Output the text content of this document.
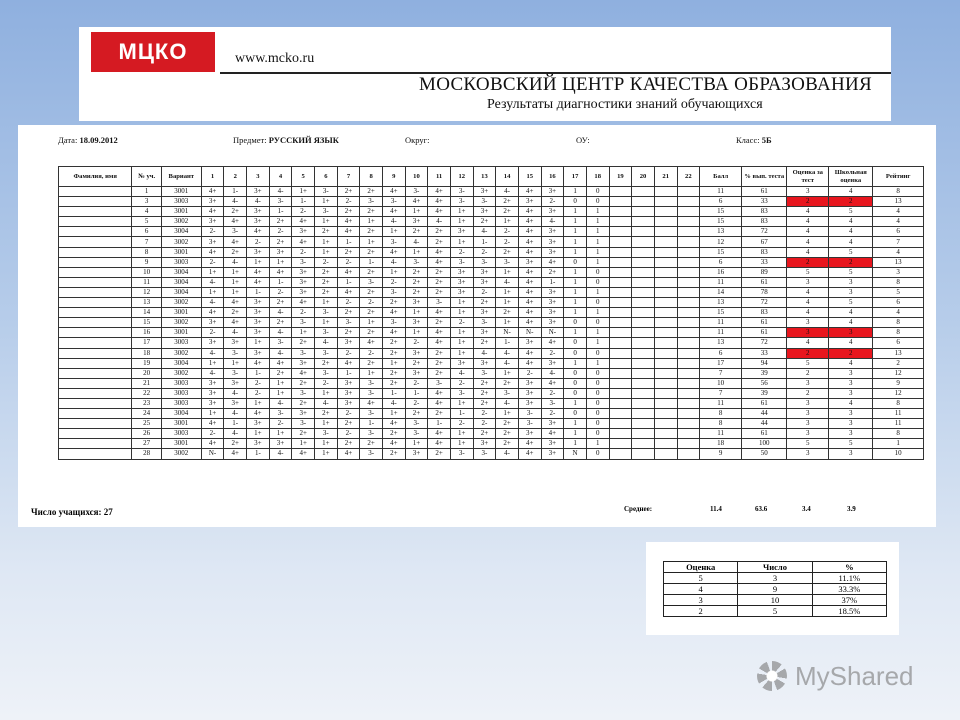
МЦКО	www.mcko.ru
МОСКОВСКИЙ ЦЕНТР КАЧЕСТВА ОБРАЗОВАНИЯ
Результаты диагностики знаний обучающихся
Дата: 18.09.2012	Предмет: РУССКИЙ ЯЗЫК	Округ:	ОУ:	Класс: 5Б
Фамилия, имя	№ уч.	Вариант	1	2	3	4	5	6	7	8	9	10	11	12	13	14	15	16	17	18	19	20	21	22	Балл	% вып. теста	Оценка за тест	Школьная оценка	Рейтинг
	1	3001	4+	1-	3+	4-	1+	3-	2+	2+	4+	3-	4+	3-	3+	4-	4+	3+	1	0					11	61	3	4	8
	3	3003	3+	4-	4-	3-	1-	1+	2-	3-	3-	4+	4+	3-	3-	2+	3+	2-	0	0					6	33	2	2	13
	4	3001	4+	2+	3+	1-	2-	3-	2+	2+	4+	1+	4+	1+	3+	2+	4+	3+	1	1					15	83	4	5	4
	5	3002	3+	4+	3+	2+	4+	1+	4+	1+	4-	3+	4-	1+	2+	1+	4+	4-	1	1					15	83	4	4	4
	6	3004	2-	3-	4+	2-	3+	2+	4+	2+	1+	2+	2+	3+	4-	2-	4+	3+	1	1					13	72	4	4	6
	7	3002	3+	4+	2-	2+	4+	1+	1-	1+	3-	4-	2+	1+	1-	2-	4+	3+	1	1					12	67	4	4	7
	8	3001	4+	2+	3+	3+	2-	1+	2+	2+	4+	1+	4+	2-	2-	2+	4+	3+	1	1					15	83	4	5	4
	9	3003	2-	4-	1+	1+	3-	2-	2-	1-	4-	3-	4+	3-	3-	3-	3+	4+	0	1					6	33	2	2	13
	10	3004	1+	1+	4+	4+	3+	2+	4+	2+	1+	2+	2+	3+	3+	1+	4+	2+	1	0					16	89	5	5	3
	11	3004	4-	1+	4+	1-	3+	2+	1-	3-	2-	2+	2+	3+	3+	4-	4+	1-	1	0					11	61	3	3	8
	12	3004	1+	1+	1-	2-	3+	2+	4+	2+	3-	2+	2+	3+	2-	1+	4+	3+	1	1					14	78	4	3	5
	13	3002	4-	4+	3+	2+	4+	1+	2-	2-	2+	3+	3-	1+	2+	1+	4+	3+	1	0					13	72	4	5	6
	14	3001	4+	2+	3+	4-	2-	3-	2+	2+	4+	1+	4+	1+	3+	2+	4+	3+	1	1					15	83	4	4	4
	15	3002	3+	4+	3+	2+	3-	1+	3-	1+	3-	3+	2+	2-	3-	1+	4+	3+	0	0					11	61	3	4	8
	16	3001	2-	4-	3+	4-	1+	3-	2+	2+	4+	1+	4+	1+	3+	N-	N-	N-	1	1					11	61	3	3	8
	17	3003	3+	3+	1+	3-	2+	4-	3+	4+	2+	2-	4+	1+	2+	1-	3+	4+	0	1					13	72	4	4	6
	18	3002	4-	3-	3+	4-	3-	3-	2-	2-	2+	3+	2+	1+	4-	4-	4+	2-	0	0					6	33	2	2	13
	19	3004	1+	1+	4+	4+	3+	2+	4+	2+	1+	2+	2+	3+	3+	4-	4+	3+	1	1					17	94	5	4	2
	20	3002	4-	3-	1-	2+	4+	3-	1-	1+	2+	3+	2+	4-	3-	1+	2-	4-	0	0					7	39	2	3	12
	21	3003	3+	3+	2-	1+	2+	2-	3+	3-	2+	2-	3-	2-	2+	2+	3+	4+	0	0					10	56	3	3	9
	22	3003	3+	4-	2-	1+	3-	1+	3+	3-	1-	1-	4+	3-	2+	3-	3+	2-	0	0					7	39	2	3	12
	23	3003	3+	3+	1+	4-	2+	4-	3+	4+	4-	2-	4+	1+	2+	4-	3+	3-	1	0					11	61	3	4	8
	24	3004	1+	4-	4+	3-	3+	2+	2-	3-	1+	2+	2+	1-	2-	1+	3-	2-	0	0					8	44	3	3	11
	25	3001	4+	1-	3+	2-	3-	1+	2+	1-	4+	3-	1-	2-	2-	2+	3-	3+	1	0					8	44	3	3	11
	26	3003	2-	4-	1+	1+	2+	3-	2-	3-	2+	3-	4+	1+	2+	2+	3+	4+	1	0					11	61	3	3	8
	27	3001	4+	2+	3+	3+	1+	1+	2+	2+	4+	1+	4+	1+	3+	2+	4+	3+	1	1					18	100	5	5	1
	28	3002	N-	4+	1-	4-	4+	1+	4+	3-	2+	3+	2+	3-	3-	4-	4+	3+	N	0					9	50	3	3	10
Число учащихся: 27	Среднее:	11.4	63.6	3.4	3.9
Оценка	Число	%
5	3	11.1%
4	9	33.3%
3	10	37%
2	5	18.5%
MyShared
